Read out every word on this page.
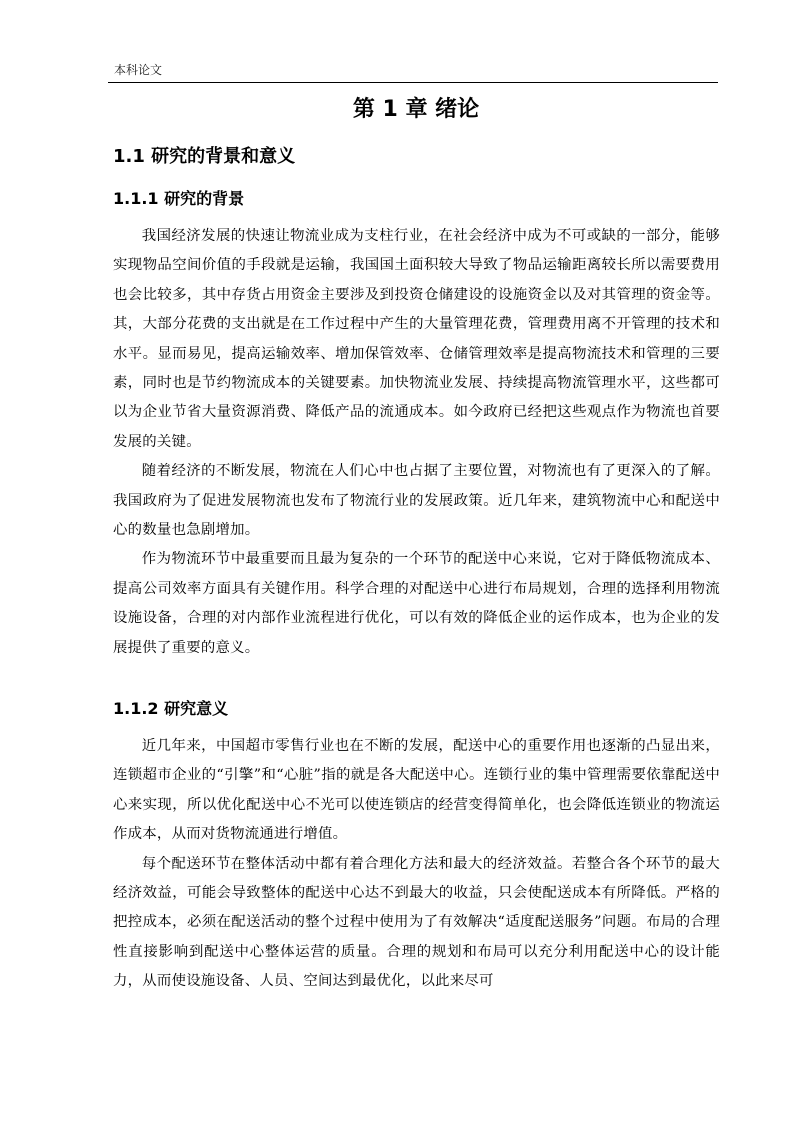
本科论文
第 1 章 绪论
1.1 研究的背景和意义
1.1.1 研究的背景

我国经济发展的快速让物流业成为支柱行业，在社会经济中成为不可或缺的一部分，能够实现物品空间价值的手段就是运输，我国国土面积较大导致了物品运输距离较长所以需要费用也会比较多，其中存货占用资金主要涉及到投资仓储建设的设施资金以及对其管理的资金等。其，大部分花费的支出就是在工作过程中产生的大量管理花费，管理费用离不开管理的技术和水平。显而易见，提高运输效率、增加保管效率、仓储管理效率是提高物流技术和管理的三要素，同时也是节约物流成本的关键要素。加快物流业发展、持续提高物流管理水平，这些都可以为企业节省大量资源消费、降低产品的流通成本。如今政府已经把这些观点作为物流也首要发展的关键。

随着经济的不断发展，物流在人们心中也占据了主要位置，对物流也有了更深入的了解。我国政府为了促进发展物流也发布了物流行业的发展政策。近几年来，建筑物流中心和配送中心的数量也急剧增加。

作为物流环节中最重要而且最为复杂的一个环节的配送中心来说，它对于降低物流成本、提高公司效率方面具有关键作用。科学合理的对配送中心进行布局规划，合理的选择利用物流设施设备，合理的对内部作业流程进行优化，可以有效的降低企业的运作成本，也为企业的发展提供了重要的意义。

1.1.2 研究意义

近几年来，中国超市零售行业也在不断的发展，配送中心的重要作用也逐渐的凸显出来，连锁超市企业的“引擎”和“心脏”指的就是各大配送中心。连锁行业的集中管理需要依靠配送中心来实现，所以优化配送中心不光可以使连锁店的经营变得简单化，也会降低连锁业的物流运作成本，从而对货物流通进行增值。

每个配送环节在整体活动中都有着合理化方法和最大的经济效益。若整合各个环节的最大经济效益，可能会导致整体的配送中心达不到最大的收益，只会使配送成本有所降低。严格的把控成本，必须在配送活动的整个过程中使用为了有效解决“适度配送服务”问题。布局的合理性直接影响到配送中心整体运营的质量。合理的规划和布局可以充分利用配送中心的设计能力，从而使设施设备、人员、空间达到最优化，以此来尽可
